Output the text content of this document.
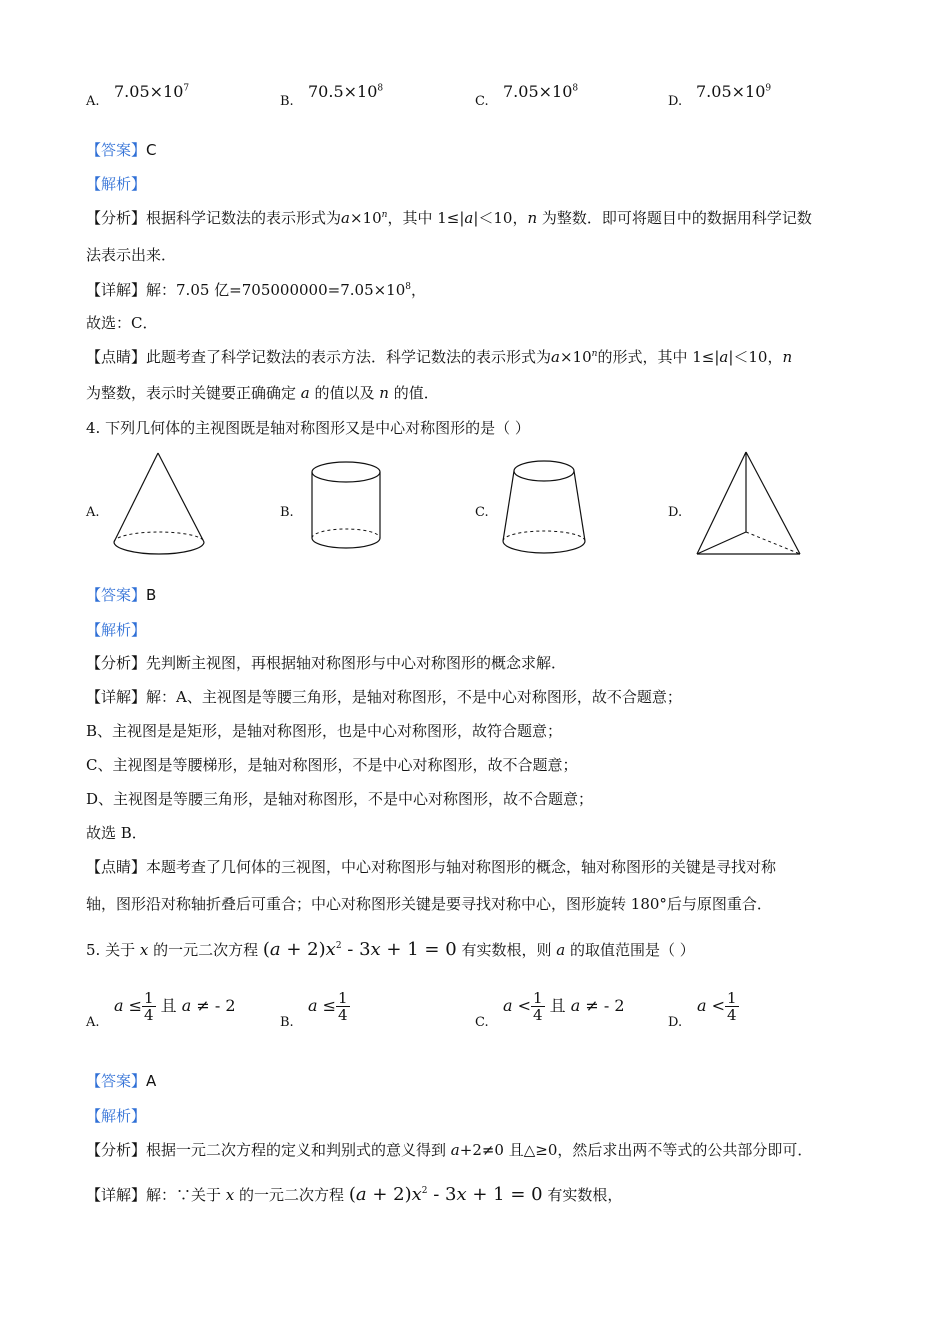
A.
$7.05\times 10^7$
B.
$70.5\times 10^8$
C.
$7.05\times 10^8$
D.
$7.05\times 10^9$
【答案】C
【解析】
【分析】根据科学记数法的表示形式为$a\times 10^n$，其中 1≤|a|＜10，n 为整数．即可将题目中的数据用科学记数
法表示出来．
【详解】解：7.05 亿$=705000000=7.05\times 10^8$，
故选：C．
【点睛】此题考查了科学记数法的表示方法．科学记数法的表示形式为$a\times 10^n$的形式，其中 1≤|a|＜10，n
为整数，表示时关键要正确确定 a 的值以及 n 的值．
4. 下列几何体的主视图既是轴对称图形又是中心对称图形的是（ ）
A.	B.	C.	D.
【答案】B
【解析】
【分析】先判断主视图，再根据轴对称图形与中心对称图形的概念求解．
【详解】解：A、主视图是等腰三角形，是轴对称图形，不是中心对称图形，故不合题意；
B、主视图是是矩形，是轴对称图形，也是中心对称图形，故符合题意；
C、主视图是等腰梯形，是轴对称图形，不是中心对称图形，故不合题意；
D、主视图是等腰三角形，是轴对称图形，不是中心对称图形，故不合题意；
故选 B．
【点睛】本题考查了几何体的三视图，中心对称图形与轴对称图形的概念，轴对称图形的关键是寻找对称
轴，图形沿对称轴折叠后可重合；中心对称图形关键是要寻找对称中心，图形旋转 180°后与原图重合．
5. 关于 x 的一元二次方程 $(a + 2)x^2 - 3x + 1 = 0$ 有实数根，则 a 的取值范围是（ ）
A.
$a \le \frac{1}{4}$ 且 a ≠ - 2
B.
$a \le \frac{1}{4}$	C.
$a < \frac{1}{4}$ 且 a ≠ - 2
D.
$a < \frac{1}{4}$
【答案】A
【解析】
【分析】根据一元二次方程的定义和判别式的意义得到 a+2≠0 且△≥0，然后求出两不等式的公共部分即可．
【详解】解：∵关于 x 的一元二次方程 $(a + 2)x^2 - 3x + 1 = 0$ 有实数根，
